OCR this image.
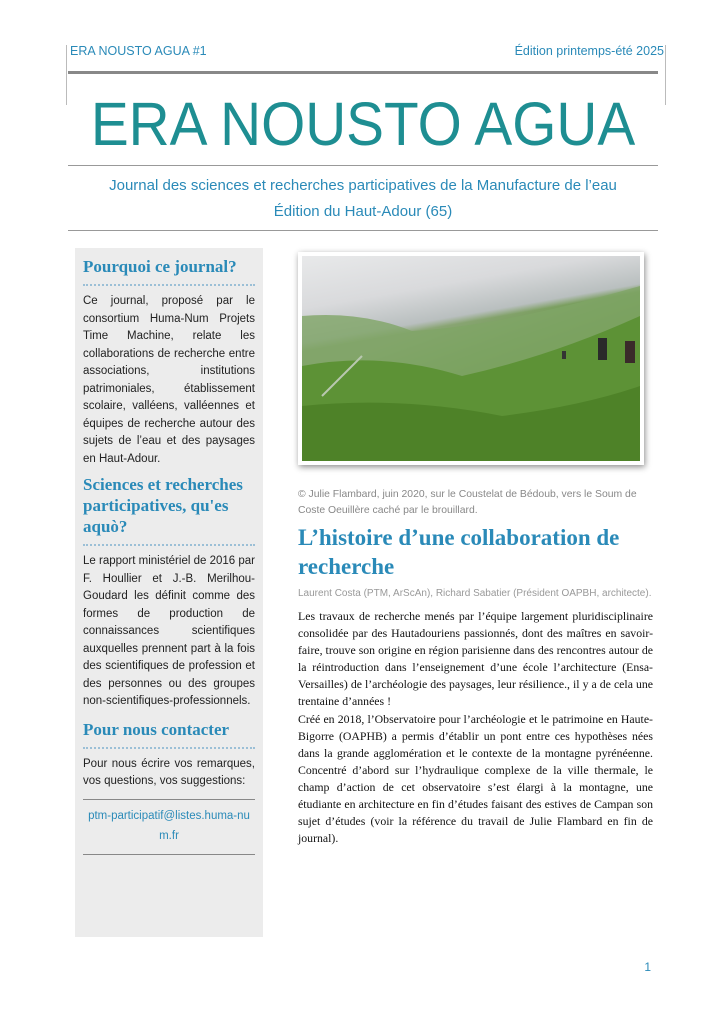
ERA NOUSTO AGUA #1	Édition printemps-été 2025
ERA NOUSTO AGUA
Journal des sciences et recherches participatives de la Manufacture de l’eau
Édition du Haut-Adour (65)
Pourquoi ce journal?

Ce journal, proposé par le consortium Huma-Num Projets Time Machine, relate les collaborations de recherche entre associations, institutions patrimoniales, établissement scolaire, valléens, valléennes et équipes de recherche autour des sujets de l’eau et des paysages en Haut-Adour.

Sciences et recherches participatives, qu'es aquò?

Le rapport ministériel de 2016 par F. Houllier et J.-B. Merilhou-Goudard les définit comme des formes de production de connaissances scientifiques auxquelles prennent part à la fois des scientifiques de profession et des personnes ou des groupes non-scientifiques-professionnels.

Pour nous contacter

Pour nous écrire vos remarques, vos questions, vos suggestions:

ptm-participatif@listes.huma-num.fr
© Julie Flambard, juin 2020, sur le Coustelat de Bédoub, vers le Soum de Coste Oeuillère caché par le brouillard.
L’histoire d’une collaboration de recherche
Laurent Costa (PTM, ArScAn), Richard Sabatier (Président OAPBH, architecte).

Les travaux de recherche menés par l’équipe largement pluridisciplinaire consolidée par des Hautadouriens passionnés, dont des maîtres en savoir-faire, trouve son origine en région parisienne dans des rencontres autour de la réintroduction dans l’enseignement d’une école l’architecture (Ensa- Versailles) de l’archéologie des paysages, leur résilience., il y a de cela une trentaine d’années !

Créé en 2018, l’Observatoire pour l’archéologie et le patrimoine en Haute-Bigorre (OAPHB) a permis d’établir un pont entre ces hypothèses nées dans la grande agglomération et le contexte de la montagne pyrénéenne. Concentré d’abord sur l’hydraulique complexe de la ville thermale, le champ d’action de cet observatoire s’est élargi à la montagne, une étudiante en architecture en fin d’études faisant des estives de Campan son sujet d’études (voir la référence du travail de Julie Flambard en fin de journal).

1
